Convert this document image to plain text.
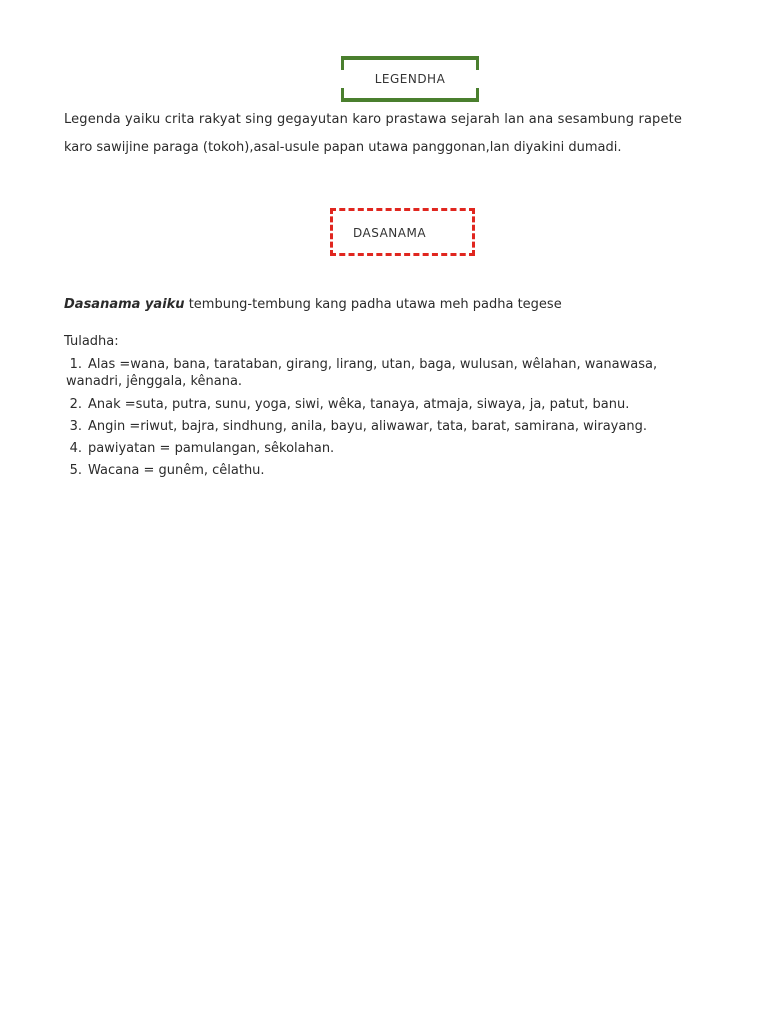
LEGENDHA
Legenda yaiku crita rakyat sing gegayutan karo prastawa sejarah lan ana sesambung rapete
karo sawijine paraga (tokoh),asal-usule papan utawa panggonan,lan diyakini dumadi.
DASANAMA
Dasanama yaiku tembung-tembung kang padha utawa meh padha tegese
Tuladha:
1. Alas =wana, bana, tarataban, girang, lirang, utan, baga, wulusan, wêlahan, wanawasa,
wanadri, jênggala, kênana.
2. Anak =suta, putra, sunu, yoga, siwi, wêka, tanaya, atmaja, siwaya, ja, patut, banu.
3. Angin =riwut, bajra, sindhung, anila, bayu, aliwawar, tata, barat, samirana, wirayang.
4. pawiyatan = pamulangan, sêkolahan.
5. Wacana = gunêm, cêlathu.
